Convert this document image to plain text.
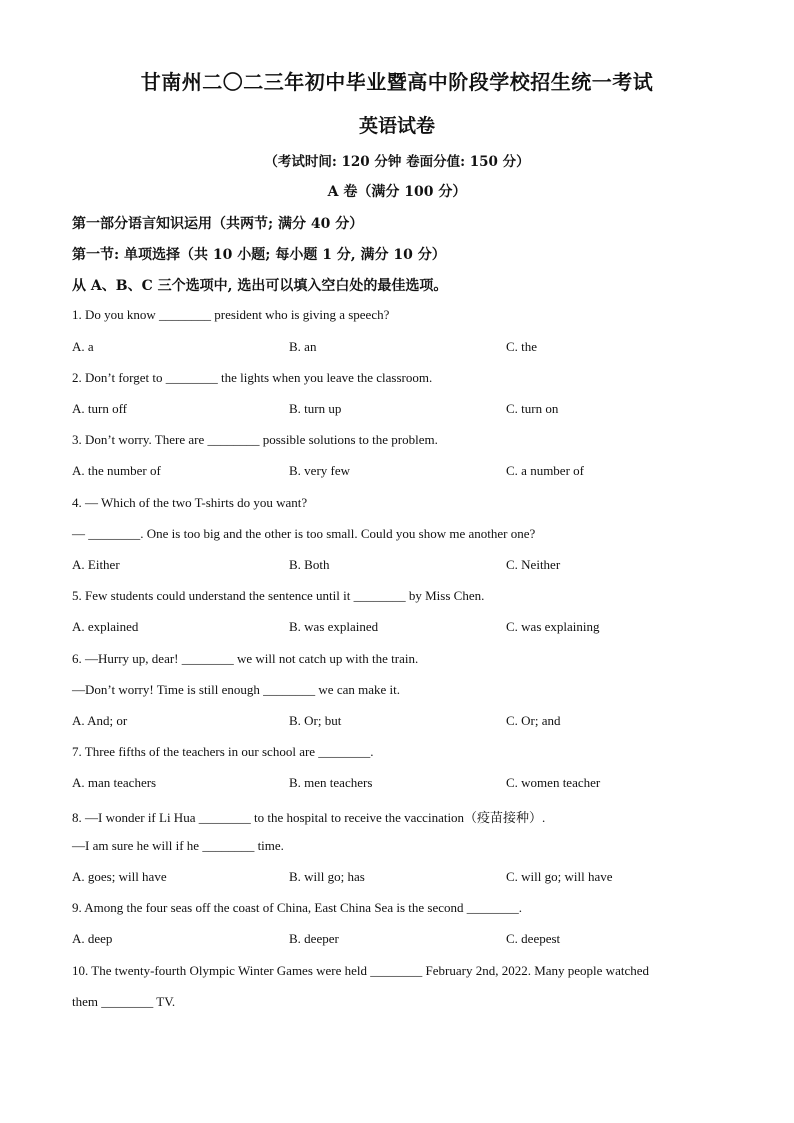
甘南州二〇二三年初中毕业暨高中阶段学校招生统一考试
英语试卷
（考试时间: 120 分钟 卷面分值: 150 分）
A 卷（满分 100 分）
第一部分语言知识运用（共两节; 满分 40 分）
第一节: 单项选择（共 10 小题; 每小题 1 分, 满分 10 分）
从 A、B、C 三个选项中, 选出可以填入空白处的最佳选项。
1. Do you know ________ president who is giving a speech?
A. a	B. an	C. the
2. Don’t forget to ________ the lights when you leave the classroom.
A. turn off	B. turn up	C. turn on
3. Don’t worry. There are ________ possible solutions to the problem.
A. the number of	B. very few	C. a number of
4. — Which of the two T-shirts do you want?
— ________. One is too big and the other is too small. Could you show me another one?
A. Either	B. Both	C. Neither
5. Few students could understand the sentence until it ________ by Miss Chen.
A. explained	B. was explained	C. was explaining
6. —Hurry up, dear! ________ we will not catch up with the train.
—Don’t worry! Time is still enough ________ we can make it.
A. And; or	B. Or; but	C. Or; and
7. Three fifths of the teachers in our school are ________.
A. man teachers	B. men teachers	C. women teacher
8. —I wonder if Li Hua ________ to the hospital to receive the vaccination（疫苗接种）.
—I am sure he will if he ________ time.
A. goes; will have	B. will go; has	C. will go; will have
9. Among the four seas off the coast of China, East China Sea is the second ________.
A. deep	B. deeper	C. deepest
10. The twenty-fourth Olympic Winter Games were held ________ February 2nd, 2022. Many people watched
them ________ TV.
